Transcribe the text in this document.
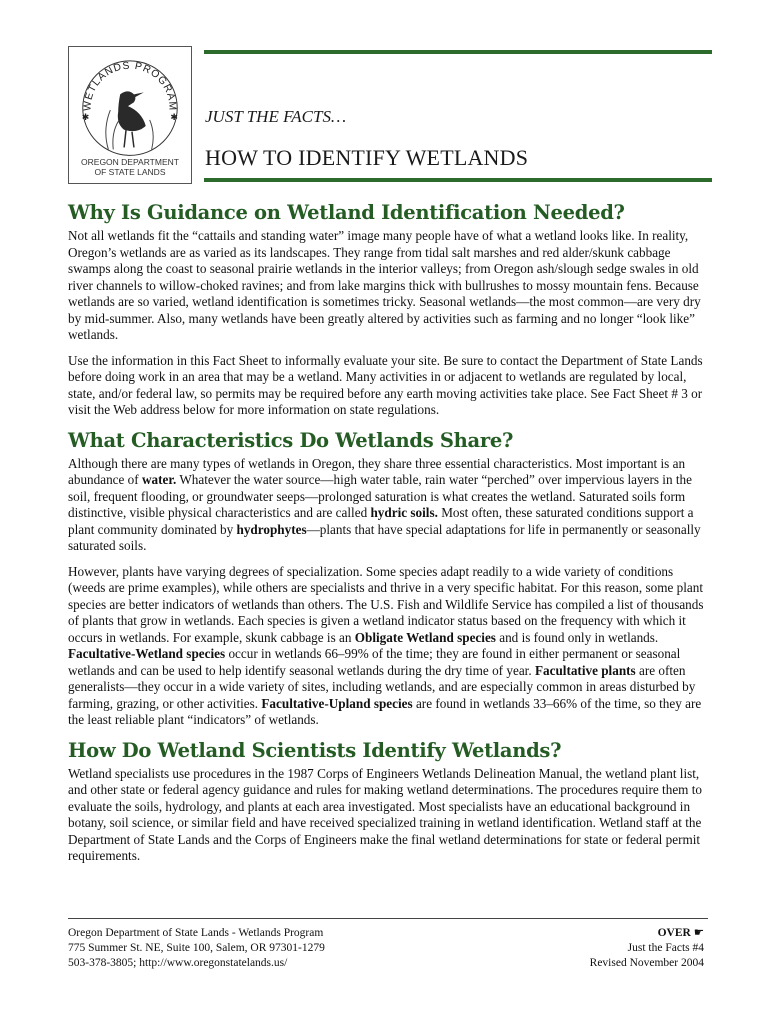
WETLANDS PROGRAM
✱	✱
OREGON DEPARTMENT
OF STATE LANDS
JUST THE FACTS…
HOW TO IDENTIFY WETLANDS
Why Is Guidance on Wetland Identification Needed?

Not all wetlands fit the “cattails and standing water” image many people have of what a wetland looks like. In reality, Oregon’s wetlands are as varied as its landscapes. They range from tidal salt marshes and red alder/skunk cabbage swamps along the coast to seasonal prairie wetlands in the interior valleys; from Oregon ash/slough sedge swales in old river channels to willow-choked ravines; and from lake margins thick with bullrushes to mossy mountain fens. Because wetlands are so varied, wetland identification is sometimes tricky. Seasonal wetlands—the most common—are very dry by mid-summer. Also, many wetlands have been greatly altered by activities such as farming and no longer “look like” wetlands.

Use the information in this Fact Sheet to informally evaluate your site. Be sure to contact the Department of State Lands before doing work in an area that may be a wetland. Many activities in or adjacent to wetlands are regulated by local, state, and/or federal law, so permits may be required before any earth moving activities take place. See Fact Sheet # 3 or visit the Web address below for more information on state regulations.

What Characteristics Do Wetlands Share?

Although there are many types of wetlands in Oregon, they share three essential characteristics. Most important is an abundance of water. Whatever the water source—high water table, rain water “perched” over impervious layers in the soil, frequent flooding, or groundwater seeps—prolonged saturation is what creates the wetland. Saturated soils form distinctive, visible physical characteristics and are called hydric soils. Most often, these saturated conditions support a plant community dominated by hydrophytes—plants that have special adaptations for life in permanently or seasonally saturated soils.

However, plants have varying degrees of specialization. Some species adapt readily to a wide variety of conditions (weeds are prime examples), while others are specialists and thrive in a very specific habitat. For this reason, some plant species are better indicators of wetlands than others. The U.S. Fish and Wildlife Service has compiled a list of thousands of plants that grow in wetlands. Each species is given a wetland indicator status based on the frequency with which it occurs in wetlands. For example, skunk cabbage is an Obligate Wetland species and is found only in wetlands. Facultative-Wetland species occur in wetlands 66–99% of the time; they are found in either permanent or seasonal wetlands and can be used to help identify seasonal wetlands during the dry time of year. Facultative plants are often generalists—they occur in a wide variety of sites, including wetlands, and are especially common in areas disturbed by farming, grazing, or other activities. Facultative-Upland species are found in wetlands 33–66% of the time, so they are the least reliable plant “indicators” of wetlands.

How Do Wetland Scientists Identify Wetlands?

Wetland specialists use procedures in the 1987 Corps of Engineers Wetlands Delineation Manual, the wetland plant list, and other state or federal agency guidance and rules for making wetland determinations. The procedures require them to evaluate the soils, hydrology, and plants at each area investigated. Most specialists have an educational background in botany, soil science, or similar field and have received specialized training in wetland identification. Wetland staff at the Department of State Lands and the Corps of Engineers make the final wetland determinations for state or federal permit requirements.

Oregon Department of State Lands - Wetlands Program
775 Summer St. NE, Suite 100, Salem, OR 97301-1279
503-378-3805; http://www.oregonstatelands.us/
OVER ☛
Just the Facts #4
Revised November 2004
